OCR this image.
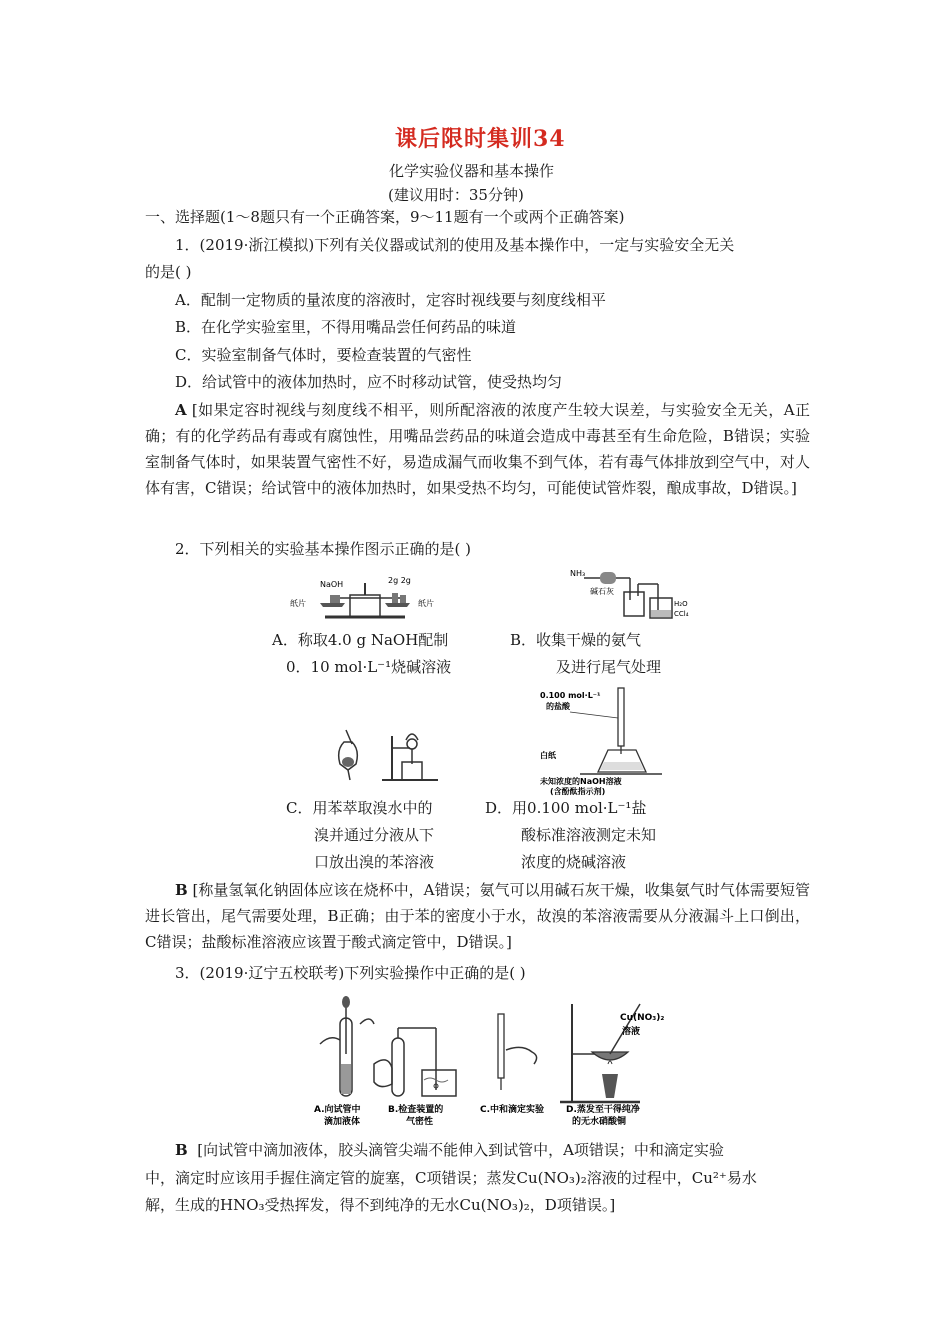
课后限时集训34
化学实验仪器和基本操作
(建议用时：35分钟)
一、选择题(1～8题只有一个正确答案，9～11题有一个或两个正确答案)
1．(2019·浙江模拟)下列有关仪器或试剂的使用及基本操作中，一定与实验安全无关
的是( )
A．配制一定物质的量浓度的溶液时，定容时视线要与刻度线相平
B．在化学实验室里，不得用嘴品尝任何药品的味道
C．实验室制备气体时，要检查装置的气密性
D．给试管中的液体加热时，应不时移动试管，使受热均匀
A [如果定容时视线与刻度线不相平，则所配溶液的浓度产生较大误差，与实验安全无关，A正确；有的化学药品有毒或有腐蚀性，用嘴品尝药品的味道会造成中毒甚至有生命危险，B错误；实验室制备气体时，如果装置气密性不好，易造成漏气而收集不到气体，若有毒气体排放到空气中，对人体有害，C错误；给试管中的液体加热时，如果受热不均匀，可能使试管炸裂，酿成事故，D错误。]
2．下列相关的实验基本操作图示正确的是( )
NaOH	2g 2g
纸片	纸片
NH₃
碱石灰
H₂O
CCl₄
A．称取4.0 g NaOH配制
0．10 mol·L⁻¹烧碱溶液
B．收集干燥的氨气
及进行尾气处理
0.100 mol·L⁻¹
的盐酸
白纸
未知浓度的NaOH溶液
(含酚酞指示剂)
C．用苯萃取溴水中的
溴并通过分液从下
口放出溴的苯溶液
D．用0.100 mol·L⁻¹盐
酸标准溶液测定未知
浓度的烧碱溶液
B [称量氢氧化钠固体应该在烧杯中，A错误；氨气可以用碱石灰干燥，收集氨气时气体需要短管进长管出，尾气需要处理，B正确；由于苯的密度小于水，故溴的苯溶液需要从分液漏斗上口倒出，C错误；盐酸标准溶液应该置于酸式滴定管中，D错误。]
3．(2019·辽宁五校联考)下列实验操作中正确的是( )
Cu(NO₃)₂
溶液
A.向试管中
滴加液体
B.检查装置的
气密性
C.中和滴定实验 D.蒸发至干得纯净
的无水硝酸铜
B [向试管中滴加液体，胶头滴管尖端不能伸入到试管中，A项错误；中和滴定实验
中，滴定时应该用手握住滴定管的旋塞，C项错误；蒸发Cu(NO₃)₂溶液的过程中，Cu²⁺易水
解，生成的HNO₃受热挥发，得不到纯净的无水Cu(NO₃)₂，D项错误。]
